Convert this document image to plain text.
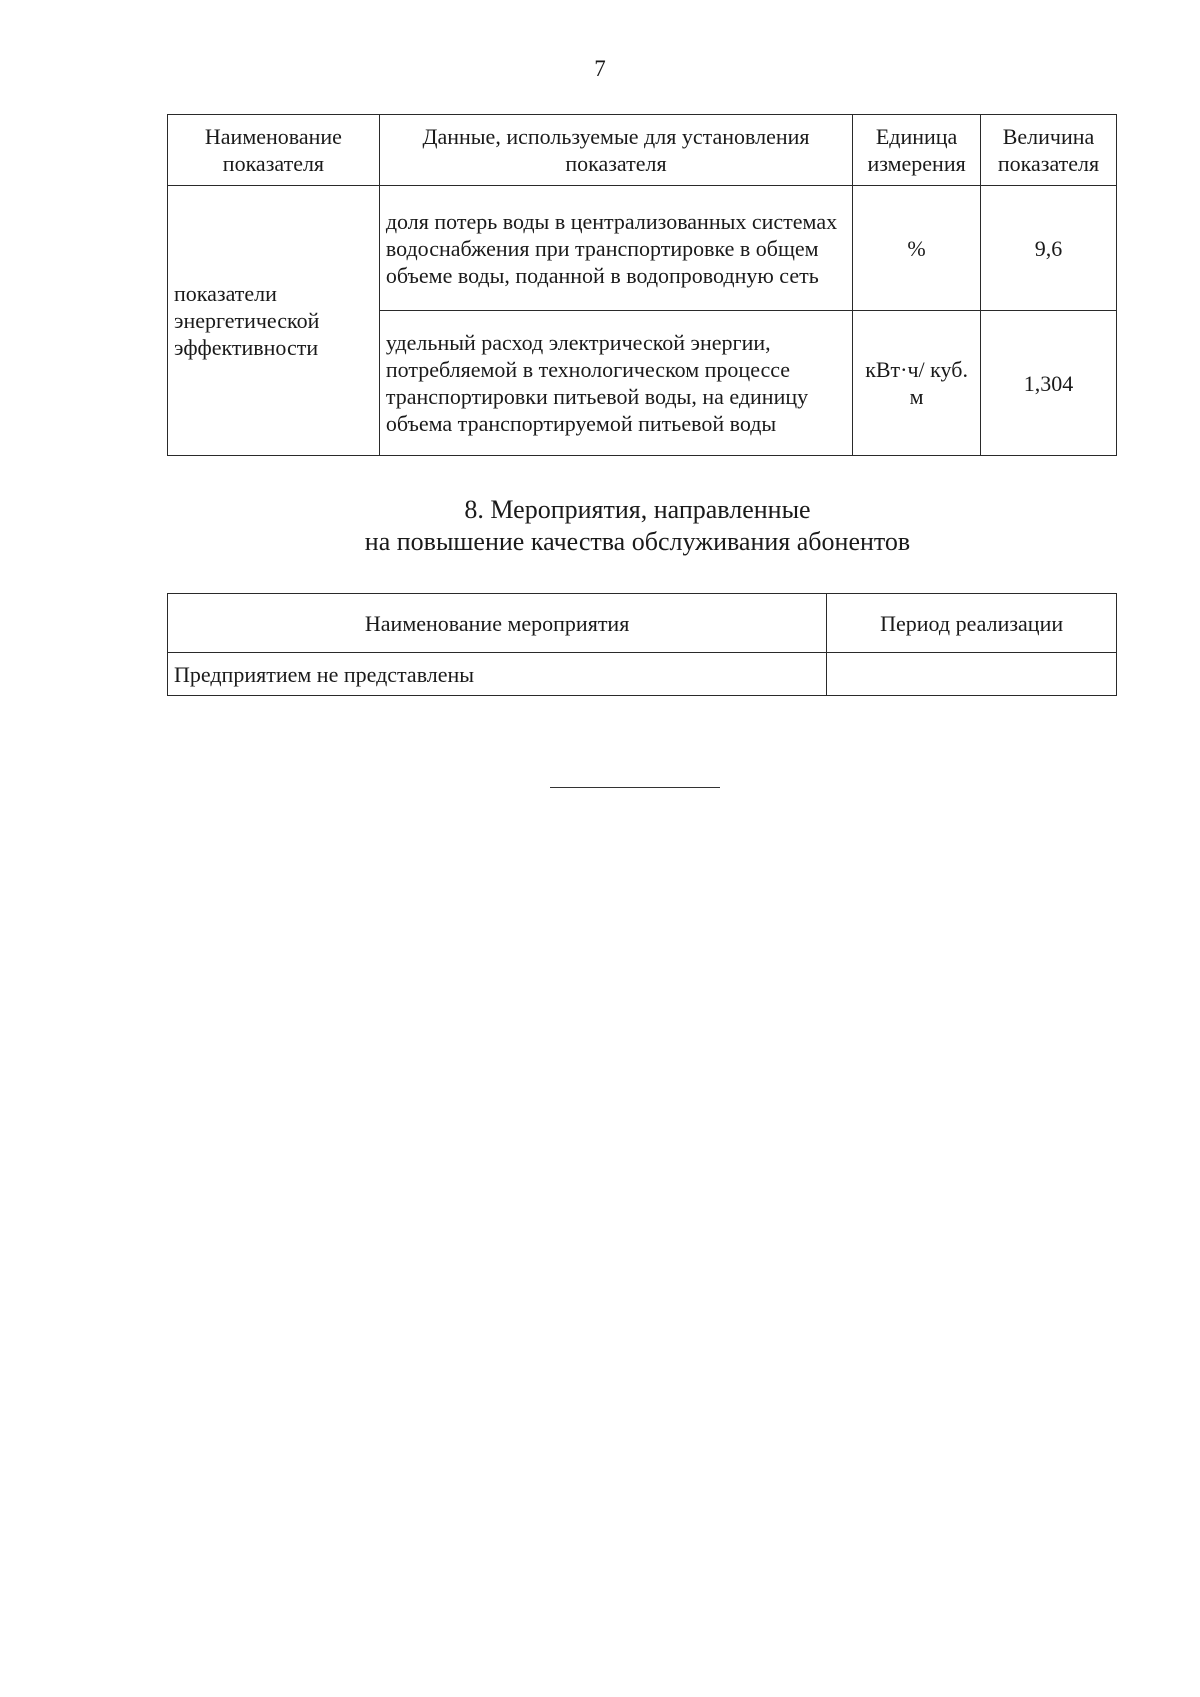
7
Наименование показателя	Данные, используемые для установления показателя	Единица измерения	Величина показателя
показатели энергетической эффективности	доля потерь воды в централизованных системах водоснабжения при транспортировке в общем объеме воды, поданной в водопроводную сеть	%	9,6
	удельный расход электрической энергии, потребляемой в технологическом процессе транспортировки питьевой воды, на единицу объема транспортируемой питьевой воды	кВт·ч/ куб. м	1,304
8. Мероприятия, направленные
на повышение качества обслуживания абонентов
Наименование мероприятия	Период реализации
Предприятием не представлены	
